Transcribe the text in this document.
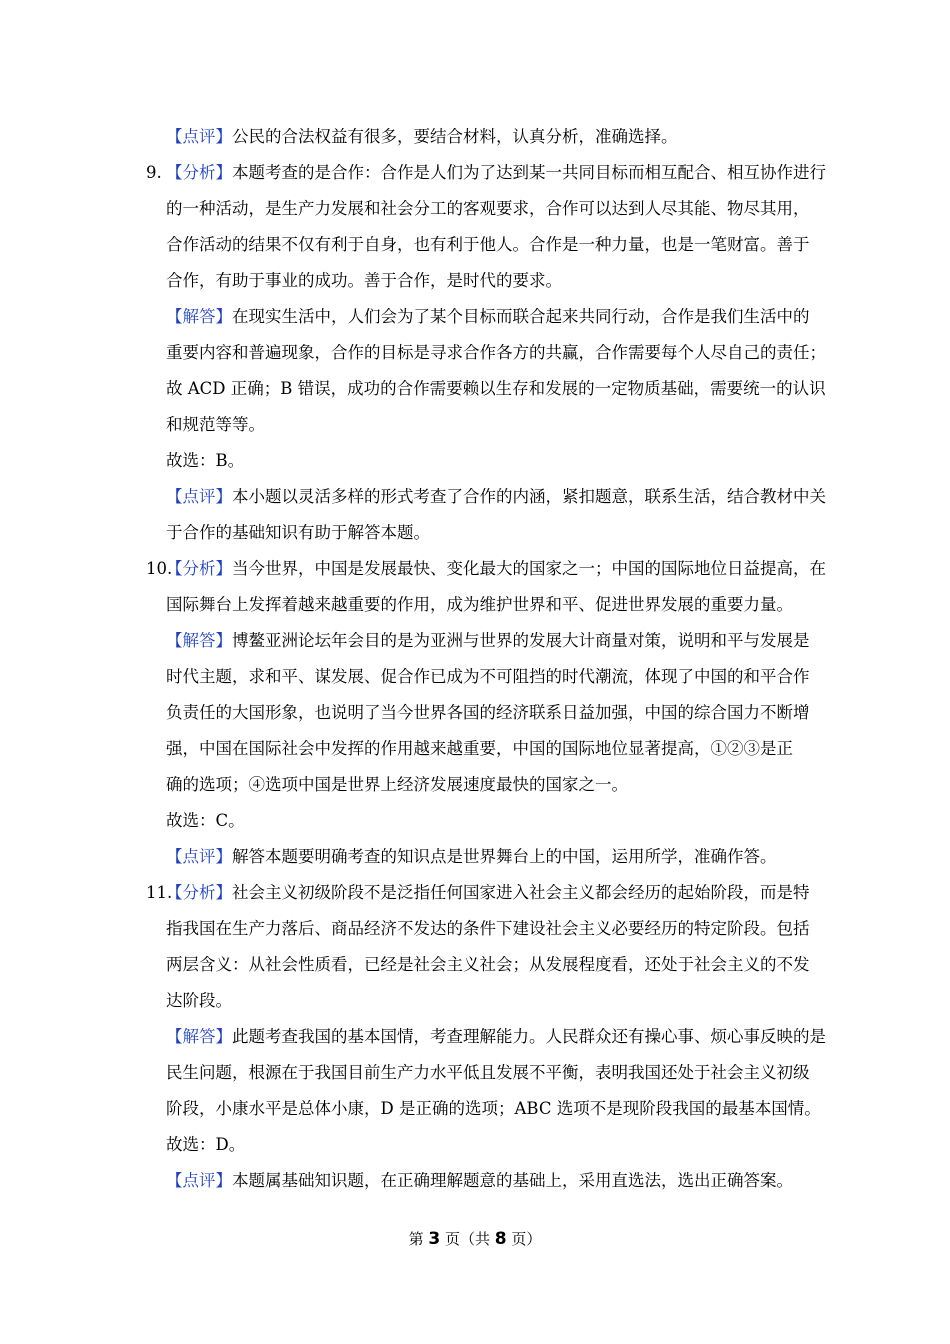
【点评】公民的合法权益有很多，要结合材料，认真分析，准确选择。
9. 【分析】本题考查的是合作：合作是人们为了达到某一共同目标而相互配合、相互协作进行
的一种活动，是生产力发展和社会分工的客观要求，合作可以达到人尽其能、物尽其用，
合作活动的结果不仅有利于自身，也有利于他人。合作是一种力量，也是一笔财富。善于
合作，有助于事业的成功。善于合作，是时代的要求。
【解答】在现实生活中，人们会为了某个目标而联合起来共同行动，合作是我们生活中的
重要内容和普遍现象，合作的目标是寻求合作各方的共赢，合作需要每个人尽自己的责任；
故 ACD 正确；B 错误，成功的合作需要赖以生存和发展的一定物质基础，需要统一的认识
和规范等等。
故选：B。
【点评】本小题以灵活多样的形式考查了合作的内涵，紧扣题意，联系生活，结合教材中关
于合作的基础知识有助于解答本题。
10.
【分析】当今世界，中国是发展最快、变化最大的国家之一；中国的国际地位日益提高，在
国际舞台上发挥着越来越重要的作用，成为维护世界和平、促进世界发展的重要力量。
【解答】博鳌亚洲论坛年会目的是为亚洲与世界的发展大计商量对策，说明和平与发展是
时代主题，求和平、谋发展、促合作已成为不可阻挡的时代潮流，体现了中国的和平合作
负责任的大国形象，也说明了当今世界各国的经济联系日益加强，中国的综合国力不断增
强，中国在国际社会中发挥的作用越来越重要，中国的国际地位显著提高，①②③是正
确的选项；④选项中国是世界上经济发展速度最快的国家之一。
故选：C。
【点评】解答本题要明确考查的知识点是世界舞台上的中国，运用所学，准确作答。
11.
【分析】社会主义初级阶段不是泛指任何国家进入社会主义都会经历的起始阶段，而是特
指我国在生产力落后、商品经济不发达的条件下建设社会主义必要经历的特定阶段。包括
两层含义：从社会性质看，已经是社会主义社会；从发展程度看，还处于社会主义的不发
达阶段。
【解答】此题考查我国的基本国情，考查理解能力。人民群众还有操心事、烦心事反映的是
民生问题，根源在于我国目前生产力水平低且发展不平衡，表明我国还处于社会主义初级
阶段，小康水平是总体小康，D 是正确的选项；ABC 选项不是现阶段我国的最基本国情。
故选：D。
【点评】本题属基础知识题，在正确理解题意的基础上，采用直选法，选出正确答案。
第 3 页（共 8 页）
